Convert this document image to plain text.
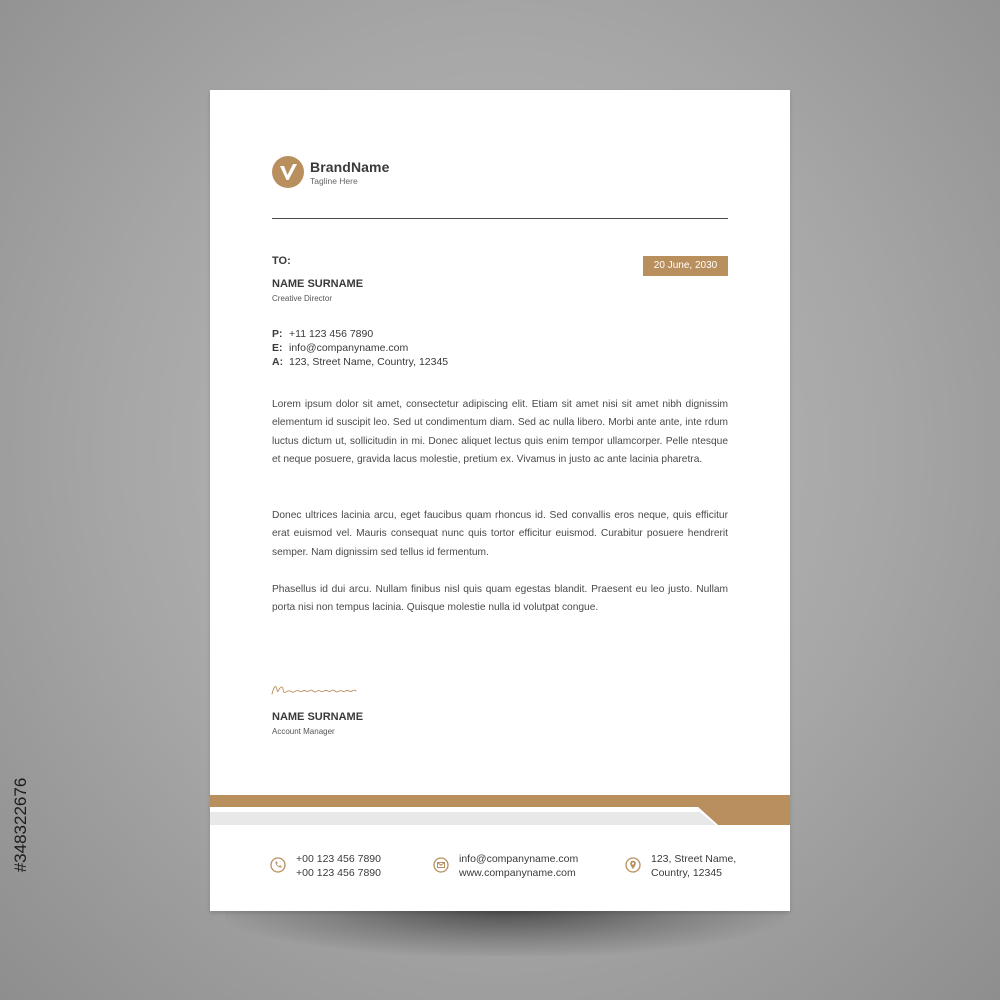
BrandName
Tagline Here
TO:	20 June, 2030
NAME SURNAME
Creative Director
P: +11 123 456 7890
E: info@companyname.com
A: 123, Street Name, Country, 12345

Lorem ipsum dolor sit amet, consectetur adipiscing elit. Etiam sit amet nisi sit amet nibh dignissim elementum id suscipit leo. Sed ut condimentum diam. Sed ac nulla libero. Morbi ante ante, inte rdum luctus dictum ut, sollicitudin in mi. Donec aliquet lectus quis enim tempor ullamcorper. Pelle ntesque et neque posuere, gravida lacus molestie, pretium ex. Vivamus in justo ac ante lacinia pharetra.

Donec ultrices lacinia arcu, eget faucibus quam rhoncus id. Sed convallis eros neque, quis efficitur erat euismod vel. Mauris consequat nunc quis tortor efficitur euismod. Curabitur posuere hendrerit semper. Nam dignissim sed tellus id fermentum.

Phasellus id dui arcu. Nullam finibus nisl quis quam egestas blandit. Praesent eu leo justo. Nullam porta nisi non tempus lacinia. Quisque molestie nulla id volutpat congue.

NAME SURNAME
Account Manager
+00 123 456 7890
+00 123 456 7890
info@companyname.com
www.companyname.com
123, Street Name,
Country, 12345
#348322676
